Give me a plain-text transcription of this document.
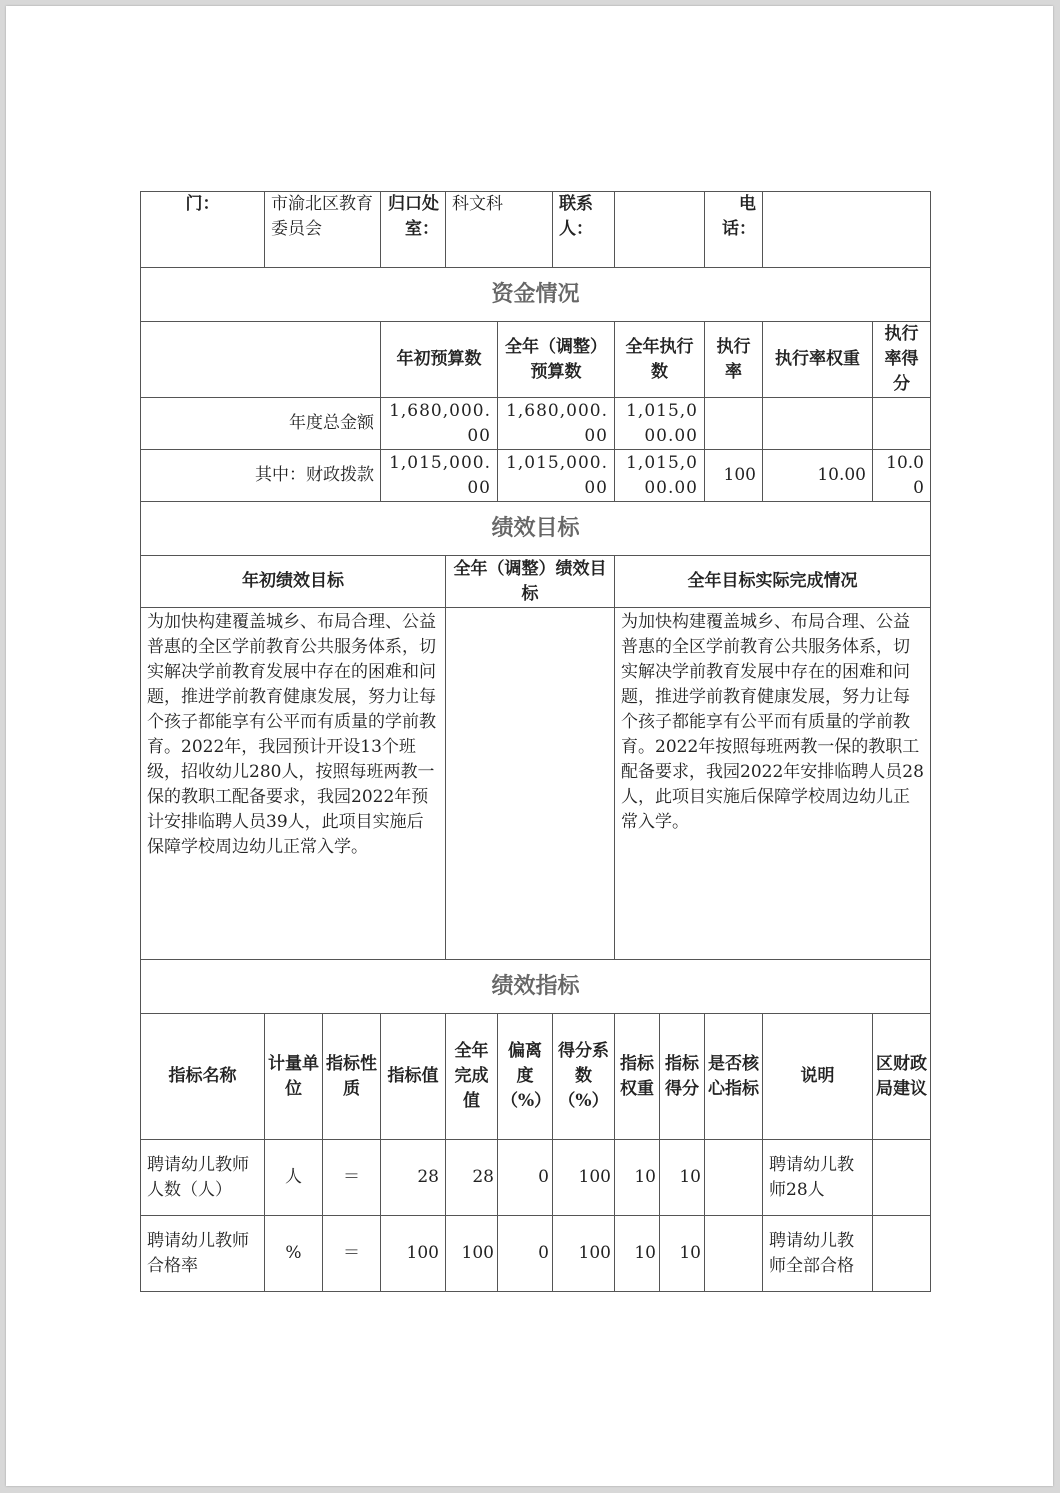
门：	市渝北区教育委员会		归口处室：	科文科		联系人：			电话：		
资金情况											
			年初预算数		全年（调整）预算数		全年执行数		执行率	执行率权重	执行率得分
年度总金额			1,680,000.00		1,680,000.00		1,015,000.00				
其中：财政拨款			1,015,000.00		1,015,000.00		1,015,000.00		100	10.00	10.00
绩效目标											
年初绩效目标				全年（调整）绩效目标			全年目标实际完成情况				
为加快构建覆盖城乡、布局合理、公益普惠的全区学前教育公共服务体系，切实解决学前教育发展中存在的困难和问题，推进学前教育健康发展，努力让每个孩子都能享有公平而有质量的学前教育。2022年，我园预计开设13个班级，招收幼儿280人，按照每班两教一保的教职工配备要求，我园2022年预计安排临聘人员39人，此项目实施后保障学校周边幼儿正常入学。							为加快构建覆盖城乡、布局合理、公益普惠的全区学前教育公共服务体系，切实解决学前教育发展中存在的困难和问题，推进学前教育健康发展，努力让每个孩子都能享有公平而有质量的学前教育。2022年按照每班两教一保的教职工配备要求，我园2022年安排临聘人员28人，此项目实施后保障学校周边幼儿正常入学。				
绩效指标											
指标名称	计量单位	指标性质	指标值	全年完成值	偏离度（%）	得分系数（%）	指标权重	指标得分	是否核心指标	说明	区财政局建议
聘请幼儿教师人数（人）	人	＝	28	28	0	100	10	10		聘请幼儿教师28人	
聘请幼儿教师合格率	%	＝	100	100	0	100	10	10		聘请幼儿教师全部合格	
